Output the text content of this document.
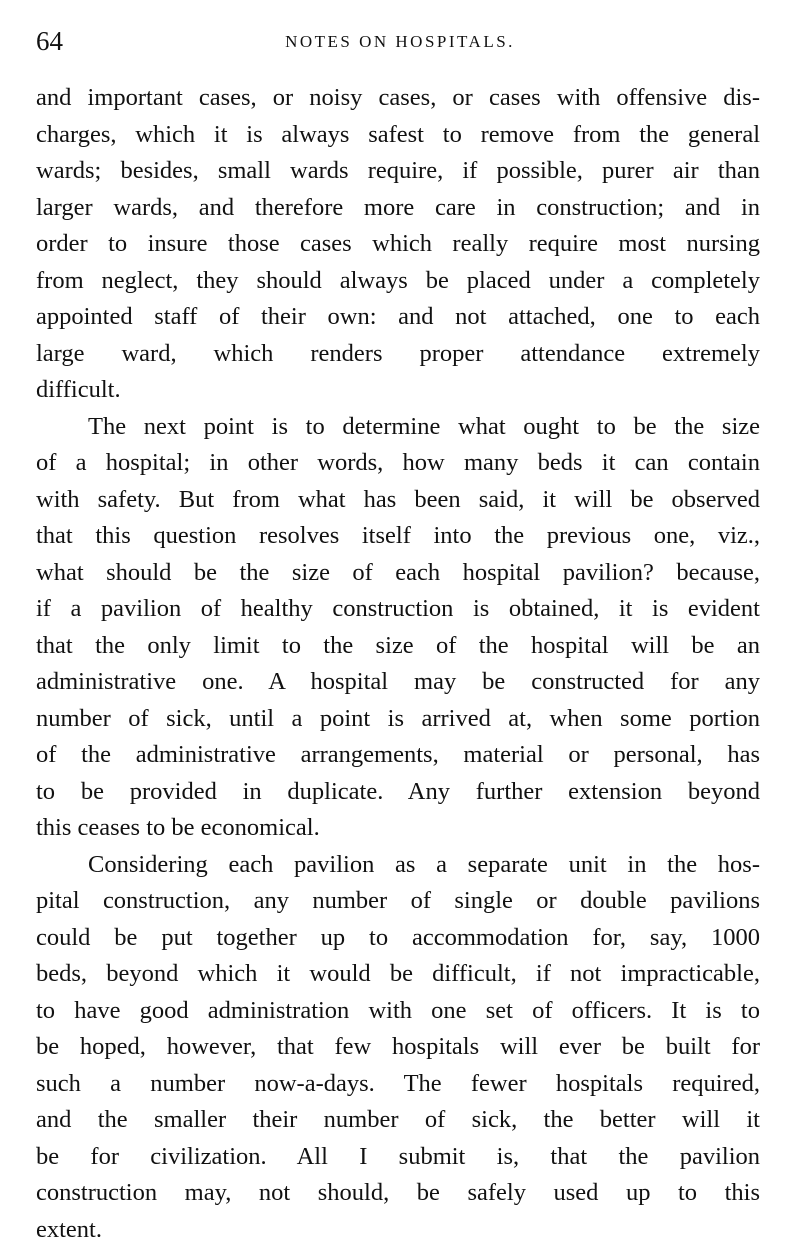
64	NOTES ON HOSPITALS.
and important cases, or noisy cases, or cases with offensive dis-
charges, which it is always safest to remove from the general
wards; besides, small wards require, if possible, purer air than
larger wards, and therefore more care in construction; and in
order to insure those cases which really require most nursing
from neglect, they should always be placed under a completely
appointed staff of their own: and not attached, one to each
large ward, which renders proper attendance extremely
difficult.
The next point is to determine what ought to be the size
of a hospital; in other words, how many beds it can contain
with safety. But from what has been said, it will be observed
that this question resolves itself into the previous one, viz.,
what should be the size of each hospital pavilion? because,
if a pavilion of healthy construction is obtained, it is evident
that the only limit to the size of the hospital will be an
administrative one. A hospital may be constructed for any
number of sick, until a point is arrived at, when some portion
of the administrative arrangements, material or personal, has
to be provided in duplicate. Any further extension beyond
this ceases to be economical.
Considering each pavilion as a separate unit in the hos-
pital construction, any number of single or double pavilions
could be put together up to accommodation for, say, 1000
beds, beyond which it would be difficult, if not impracticable,
to have good administration with one set of officers. It is to
be hoped, however, that few hospitals will ever be built for
such a number now-a-days. The fewer hospitals required,
and the smaller their number of sick, the better will it
be for civilization. All I submit is, that the pavilion
construction may, not should, be safely used up to this
extent.
